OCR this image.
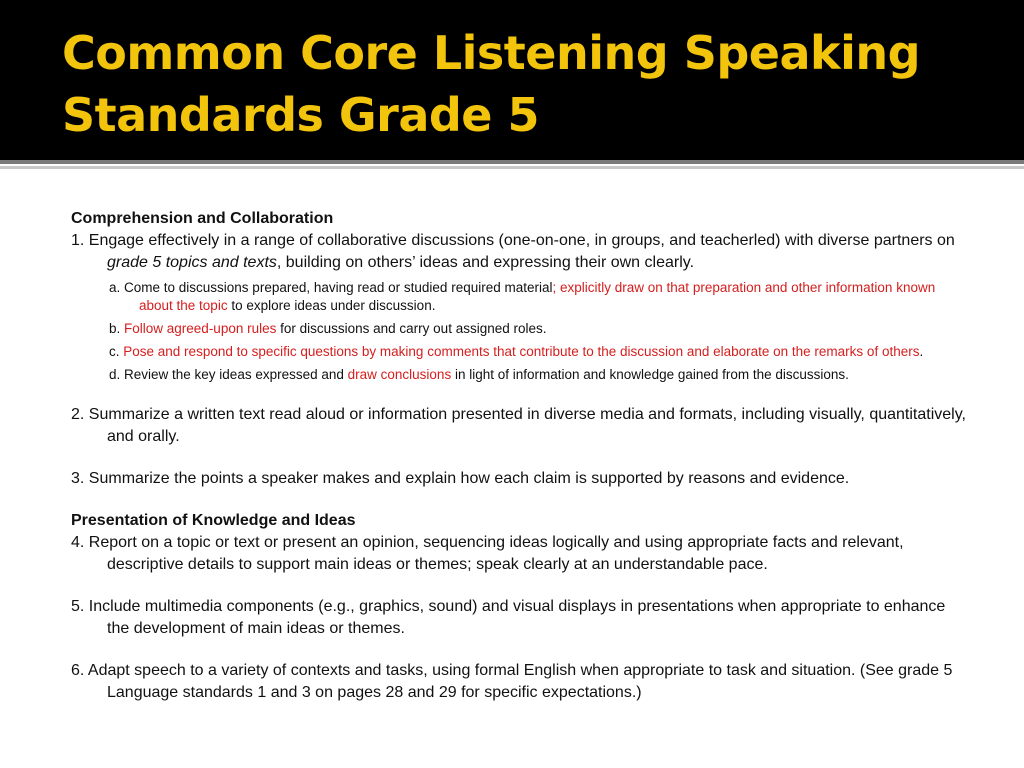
Common Core Listening Speaking Standards Grade 5
Comprehension and Collaboration
1. Engage effectively in a range of collaborative discussions (one-on-one, in groups, and teacherled) with diverse partners on grade 5 topics and texts, building on others’ ideas and expressing their own clearly.
a. Come to discussions prepared, having read or studied required material; explicitly draw on that preparation and other information known about the topic to explore ideas under discussion.
b. Follow agreed-upon rules for discussions and carry out assigned roles.
c. Pose and respond to specific questions by making comments that contribute to the discussion and elaborate on the remarks of others.
d. Review the key ideas expressed and draw conclusions in light of information and knowledge gained from the discussions.
2. Summarize a written text read aloud or information presented in diverse media and formats, including visually, quantitatively, and orally.
3. Summarize the points a speaker makes and explain how each claim is supported by reasons and evidence.
Presentation of Knowledge and Ideas
4. Report on a topic or text or present an opinion, sequencing ideas logically and using appropriate facts and relevant, descriptive details to support main ideas or themes; speak clearly at an understandable pace.
5. Include multimedia components (e.g., graphics, sound) and visual displays in presentations when appropriate to enhance the development of main ideas or themes.
6. Adapt speech to a variety of contexts and tasks, using formal English when appropriate to task and situation. (See grade 5 Language standards 1 and 3 on pages 28 and 29 for specific expectations.)
